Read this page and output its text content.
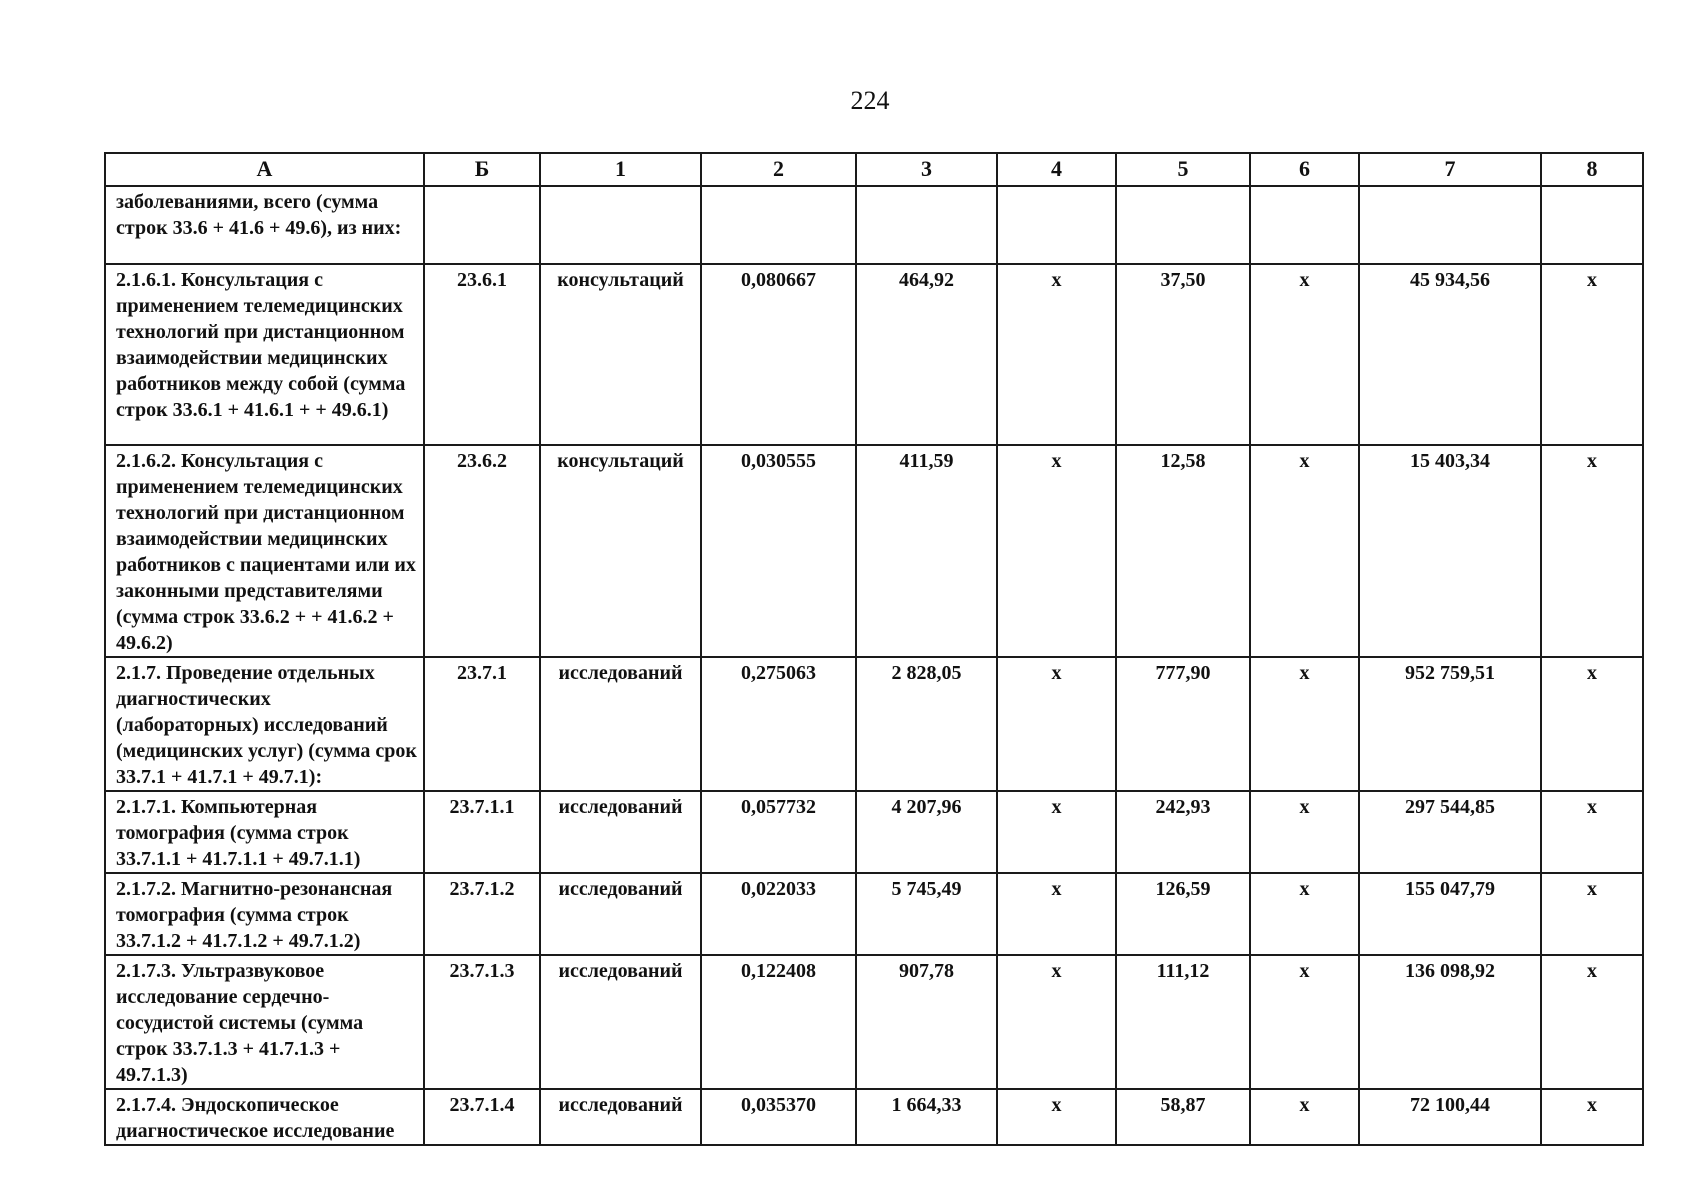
224
А	Б	1	2	3	4	5	6	7	8
заболеваниями, всего (сумма строк 33.6 + 41.6 + 49.6), из них:									
2.1.6.1. Консультация с применением телемедицинских технологий при дистанционном взаимодействии медицинских работников между собой (сумма строк 33.6.1 + 41.6.1 + + 49.6.1)	23.6.1	консультаций	0,080667	464,92	х	37,50	х	45 934,56	х
2.1.6.2. Консультация с применением телемедицинских технологий при дистанционном взаимодействии медицинских работников с пациентами или их законными представителями (сумма строк 33.6.2 + + 41.6.2 + 49.6.2)	23.6.2	консультаций	0,030555	411,59	х	12,58	х	15 403,34	х
2.1.7. Проведение отдельных диагностических (лабораторных) исследований (медицинских услуг) (сумма срок 33.7.1 + 41.7.1 + 49.7.1):	23.7.1	исследований	0,275063	2 828,05	х	777,90	х	952 759,51	х
2.1.7.1. Компьютерная томография (сумма строк 33.7.1.1 + 41.7.1.1 + 49.7.1.1)	23.7.1.1	исследований	0,057732	4 207,96	х	242,93	х	297 544,85	х
2.1.7.2. Магнитно-резонансная томография (сумма строк 33.7.1.2 + 41.7.1.2 + 49.7.1.2)	23.7.1.2	исследований	0,022033	5 745,49	х	126,59	х	155 047,79	х
2.1.7.3. Ультразвуковое исследование сердечно-сосудистой системы (сумма строк 33.7.1.3 + 41.7.1.3 + 49.7.1.3)	23.7.1.3	исследований	0,122408	907,78	х	111,12	х	136 098,92	х
2.1.7.4. Эндоскопическое диагностическое исследование	23.7.1.4	исследований	0,035370	1 664,33	х	58,87	х	72 100,44	х
